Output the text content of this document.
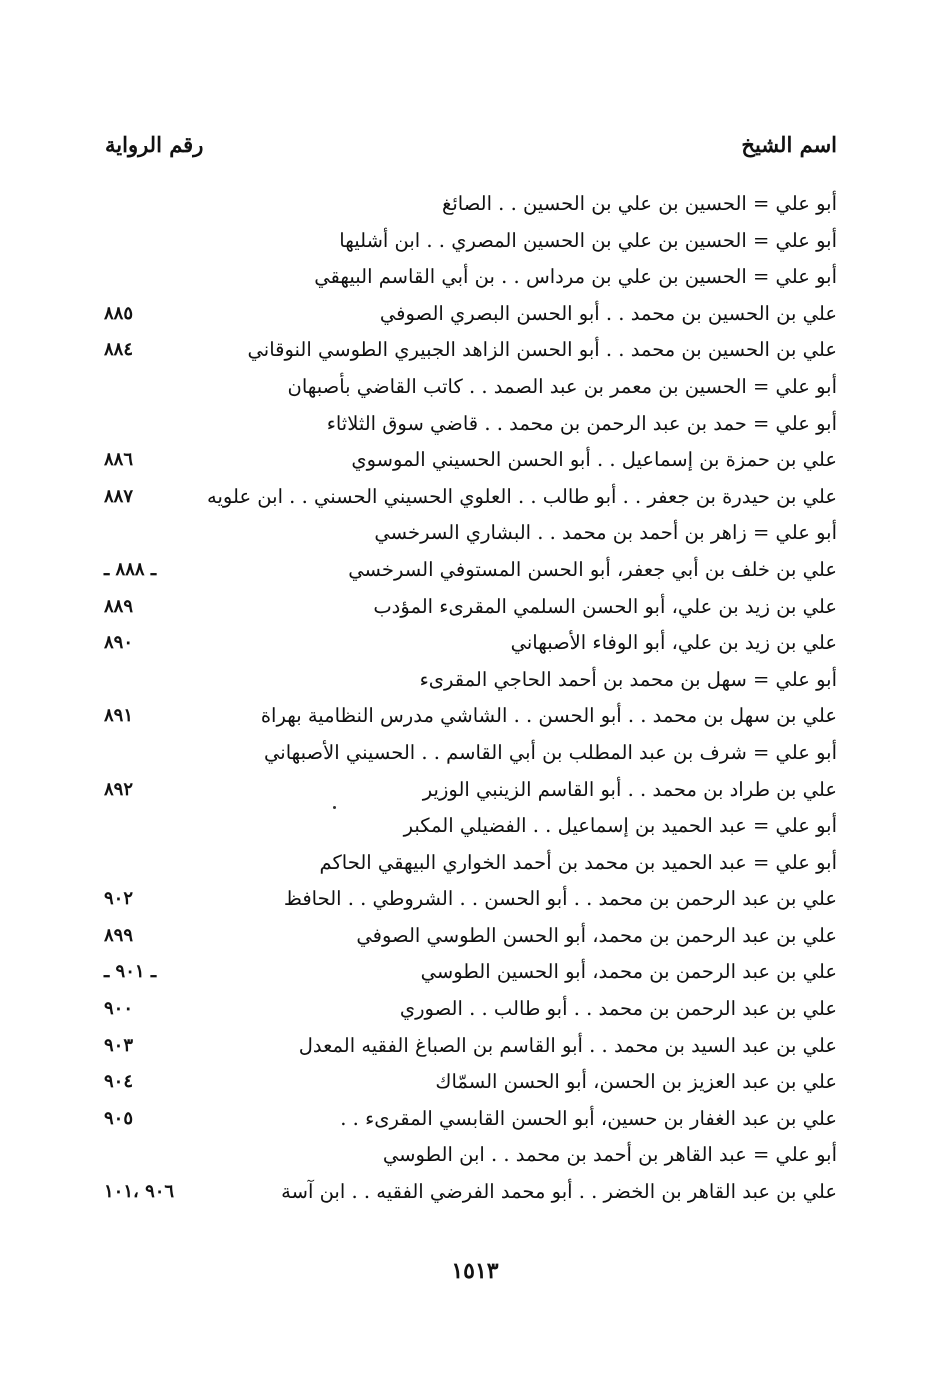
اسم الشيخ
رقم الرواية
أبو علي = الحسين بن علي بن الحسين . . الصائغ
أبو علي = الحسين بن علي بن الحسين المصري . . ابن أشليها
أبو علي = الحسين بن علي بن مرداس . . بن أبي القاسم البيهقي
علي بن الحسين بن محمد . . أبو الحسن البصري الصوفي
٨٨٥
علي بن الحسين بن محمد . . أبو الحسن الزاهد الجبيري الطوسي النوقاني
٨٨٤
أبو علي = الحسين بن معمر بن عبد الصمد . . كاتب القاضي بأصبهان
أبو علي = حمد بن عبد الرحمن بن محمد . . قاضي سوق الثلاثاء
علي بن حمزة بن إسماعيل . . أبو الحسن الحسيني الموسوي
٨٨٦
علي بن حيدرة بن جعفر . . أبو طالب . . العلوي الحسيني الحسني . . ابن علويه
٨٨٧
أبو علي = زاهر بن أحمد بن محمد . . البشاري السرخسي
علي بن خلف بن أبي جعفر، أبو الحسن المستوفي السرخسي
ـ ٨٨٨ ـ
علي بن زيد بن علي، أبو الحسن السلمي المقرىء المؤدب
٨٨٩
علي بن زيد بن علي، أبو الوفاء الأصبهاني
٨٩٠
أبو علي = سهل بن محمد بن أحمد الحاجي المقرىء
علي بن سهل بن محمد . . أبو الحسن . . الشاشي مدرس النظامية بهراة
٨٩١
أبو علي = شرف بن عبد المطلب بن أبي القاسم . . الحسيني الأصبهاني
علي بن طراد بن محمد . . أبو القاسم الزينبي الوزير
٨٩٢
أبو علي = عبد الحميد بن إسماعيل . . الفضيلي المكبر
أبو علي = عبد الحميد بن محمد بن أحمد الخواري البيهقي الحاكم
علي بن عبد الرحمن بن محمد . . أبو الحسن . . الشروطي . . الحافظ
٩٠٢
علي بن عبد الرحمن بن محمد، أبو الحسن الطوسي الصوفي
٨٩٩
علي بن عبد الرحمن بن محمد، أبو الحسين الطوسي
ـ ٩٠١ ـ
علي بن عبد الرحمن بن محمد . . أبو طالب . . الصوري
٩٠٠
علي بن عبد السيد بن محمد . . أبو القاسم بن الصباغ الفقيه المعدل
٩٠٣
علي بن عبد العزيز بن الحسن، أبو الحسن السمّاك
٩٠٤
علي بن عبد الغفار بن حسين، أبو الحسن القابسي المقرىء . .
٩٠٥
أبو علي = عبد القاهر بن أحمد بن محمد . . ابن الطوسي
علي بن عبد القاهر بن الخضر . . أبو محمد الفرضي الفقيه . . ابن آسة
٩٠٦ ،١٠١
١٥١٣
